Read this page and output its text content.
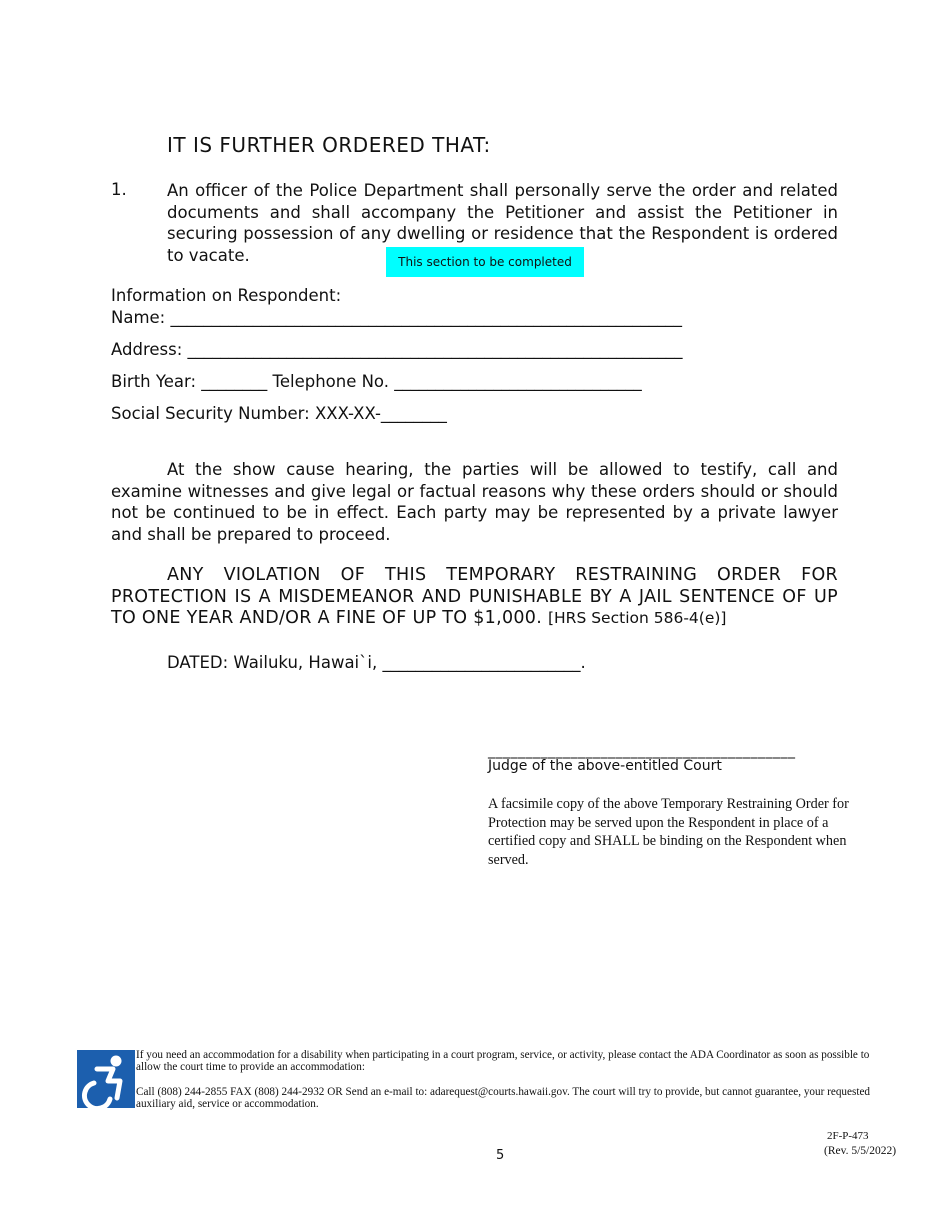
IT IS FURTHER ORDERED THAT:
1. An officer of the Police Department shall personally serve the order and related documents and shall accompany the Petitioner and assist the Petitioner in securing possession of any dwelling or residence that the Respondent is ordered to vacate.	This section to be completed
Information on Respondent:
Name: ______________________________________________________________
Address: ____________________________________________________________
Birth Year: ________ Telephone No. ______________________________
Social Security Number: XXX-XX-________
At the show cause hearing, the parties will be allowed to testify, call and examine witnesses and give legal or factual reasons why these orders should or should not be continued to be in effect. Each party may be represented by a private lawyer and shall be prepared to proceed.
ANY VIOLATION OF THIS TEMPORARY RESTRAINING ORDER FOR PROTECTION IS A MISDEMEANOR AND PUNISHABLE BY A JAIL SENTENCE OF UP TO ONE YEAR AND/OR A FINE OF UP TO $1,000. [HRS Section 586-4(e)]
DATED: Wailuku, Hawai`i, ________________________.
_________________________________________
Judge of the above-entitled Court
A facsimile copy of the above Temporary Restraining Order for Protection may be served upon the Respondent in place of a certified copy and SHALL be binding on the Respondent when served.
If you need an accommodation for a disability when participating in a court program, service, or activity, please contact the ADA Coordinator as soon as possible to allow the court time to provide an accommodation:
Call (808) 244-2855 FAX (808) 244-2932 OR Send an e-mail to: adarequest@courts.hawaii.gov. The court will try to provide, but cannot guarantee, your requested auxiliary aid, service or accommodation.
2F-P-473
5	(Rev. 5/5/2022)
